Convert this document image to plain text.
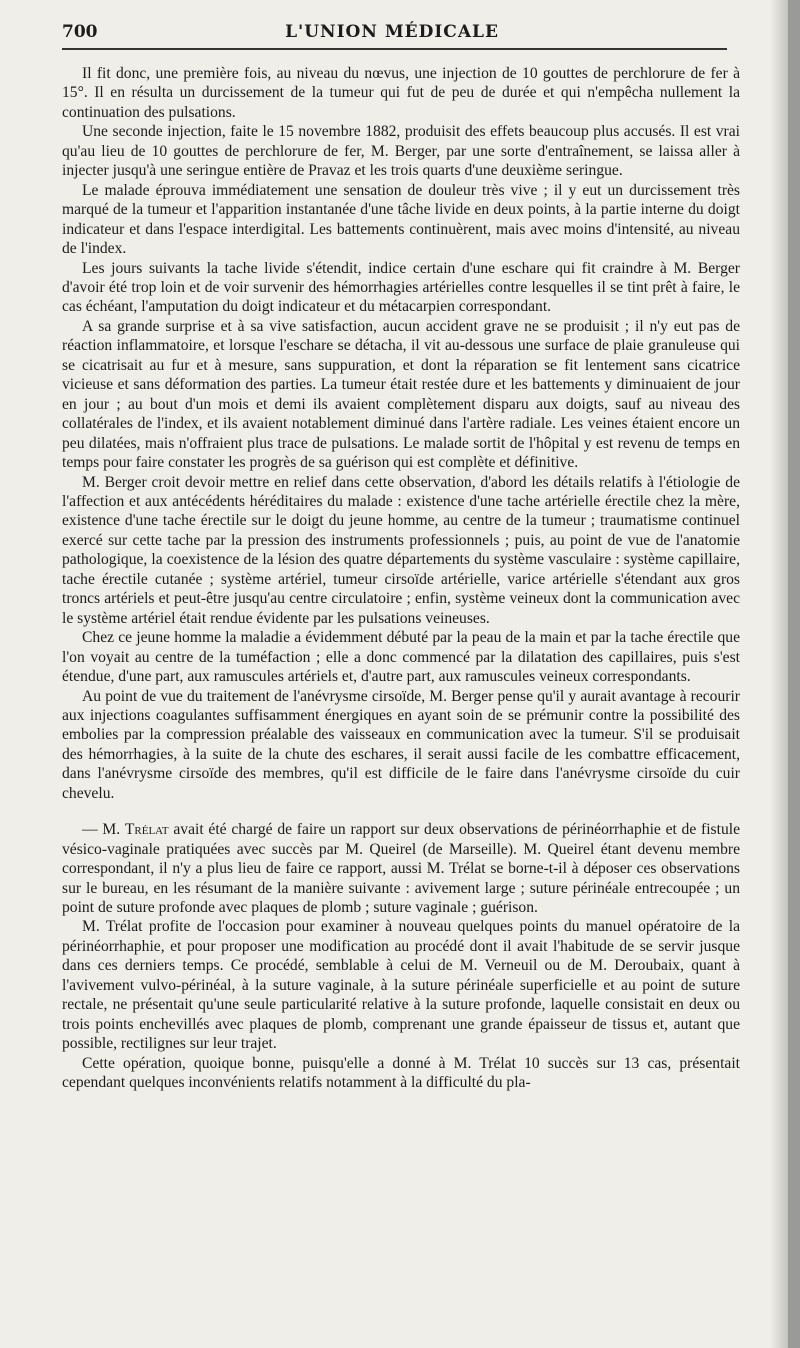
700	L'UNION MÉDICALE

Il fit donc, une première fois, au niveau du nœvus, une injection de 10 gouttes de perchlorure de fer à 15°. Il en résulta un durcissement de la tumeur qui fut de peu de durée et qui n'empêcha nullement la continuation des pulsations.

Une seconde injection, faite le 15 novembre 1882, produisit des effets beaucoup plus accusés. Il est vrai qu'au lieu de 10 gouttes de perchlorure de fer, M. Berger, par une sorte d'entraînement, se laissa aller à injecter jusqu'à une seringue entière de Pravaz et les trois quarts d'une deuxième seringue.

Le malade éprouva immédiatement une sensation de douleur très vive ; il y eut un durcissement très marqué de la tumeur et l'apparition instantanée d'une tâche livide en deux points, à la partie interne du doigt indicateur et dans l'espace interdigital. Les battements continuèrent, mais avec moins d'intensité, au niveau de l'index.

Les jours suivants la tache livide s'étendit, indice certain d'une eschare qui fit craindre à M. Berger d'avoir été trop loin et de voir survenir des hémorrhagies artérielles contre lesquelles il se tint prêt à faire, le cas échéant, l'amputation du doigt indicateur et du métacarpien correspondant.

A sa grande surprise et à sa vive satisfaction, aucun accident grave ne se produisit ; il n'y eut pas de réaction inflammatoire, et lorsque l'eschare se détacha, il vit au-dessous une surface de plaie granuleuse qui se cicatrisait au fur et à mesure, sans suppuration, et dont la réparation se fit lentement sans cicatrice vicieuse et sans déformation des parties. La tumeur était restée dure et les battements y diminuaient de jour en jour ; au bout d'un mois et demi ils avaient complètement disparu aux doigts, sauf au niveau des collatérales de l'index, et ils avaient notablement diminué dans l'artère radiale. Les veines étaient encore un peu dilatées, mais n'offraient plus trace de pulsations. Le malade sortit de l'hôpital y est revenu de temps en temps pour faire constater les progrès de sa guérison qui est complète et définitive.

M. Berger croit devoir mettre en relief dans cette observation, d'abord les détails relatifs à l'étiologie de l'affection et aux antécédents héréditaires du malade : existence d'une tache artérielle érectile chez la mère, existence d'une tache érectile sur le doigt du jeune homme, au centre de la tumeur ; traumatisme continuel exercé sur cette tache par la pression des instruments professionnels ; puis, au point de vue de l'anatomie pathologique, la coexistence de la lésion des quatre départements du système vasculaire : système capillaire, tache érectile cutanée ; système artériel, tumeur cirsoïde artérielle, varice artérielle s'étendant aux gros troncs artériels et peut-être jusqu'au centre circulatoire ; enfin, système veineux dont la communication avec le système artériel était rendue évidente par les pulsations veineuses.

Chez ce jeune homme la maladie a évidemment débuté par la peau de la main et par la tache érectile que l'on voyait au centre de la tuméfaction ; elle a donc commencé par la dilatation des capillaires, puis s'est étendue, d'une part, aux ramuscules artériels et, d'autre part, aux ramuscules veineux correspondants.

Au point de vue du traitement de l'anévrysme cirsoïde, M. Berger pense qu'il y aurait avantage à recourir aux injections coagulantes suffisamment énergiques en ayant soin de se prémunir contre la possibilité des embolies par la compression préalable des vaisseaux en communication avec la tumeur. S'il se produisait des hémorrhagies, à la suite de la chute des eschares, il serait aussi facile de les combattre efficacement, dans l'anévrysme cirsoïde des membres, qu'il est difficile de le faire dans l'anévrysme cirsoïde du cuir chevelu.

— M. Trélat avait été chargé de faire un rapport sur deux observations de périnéorrhaphie et de fistule vésico-vaginale pratiquées avec succès par M. Queirel (de Marseille). M. Queirel étant devenu membre correspondant, il n'y a plus lieu de faire ce rapport, aussi M. Trélat se borne-t-il à déposer ces observations sur le bureau, en les résumant de la manière suivante : avivement large ; suture périnéale entrecoupée ; un point de suture profonde avec plaques de plomb ; suture vaginale ; guérison.

M. Trélat profite de l'occasion pour examiner à nouveau quelques points du manuel opératoire de la périnéorrhaphie, et pour proposer une modification au procédé dont il avait l'habitude de se servir jusque dans ces derniers temps. Ce procédé, semblable à celui de M. Verneuil ou de M. Deroubaix, quant à l'avivement vulvo-périnéal, à la suture vaginale, à la suture périnéale superficielle et au point de suture rectale, ne présentait qu'une seule particularité relative à la suture profonde, laquelle consistait en deux ou trois points enchevillés avec plaques de plomb, comprenant une grande épaisseur de tissus et, autant que possible, rectilignes sur leur trajet.

Cette opération, quoique bonne, puisqu'elle a donné à M. Trélat 10 succès sur 13 cas, présentait cependant quelques inconvénients relatifs notamment à la difficulté du pla-
